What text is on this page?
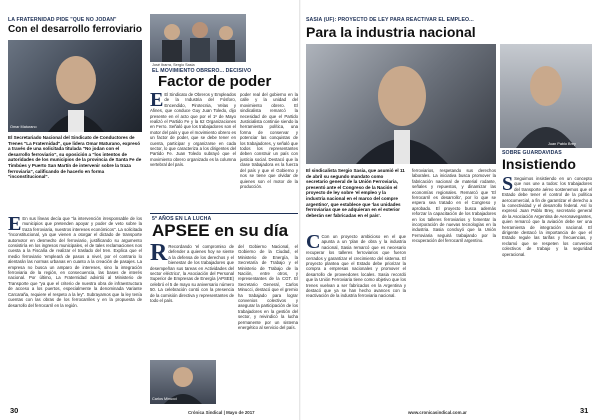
LA FRATERNIDAD PIDE "QUE NO JODAN"
Con el desarrollo ferroviario
Omar Maturano
El Secretariado Nacional del Sindicato de Conductores de Trenes "La Fraternidad", que lidera Omar Maturano, expresó a través de una solicitada titulada "No jodan con el desarrollo ferroviario", su oposición a "los intentos de autoridades de los municipios de la provincia de Santa Fe de Timbúes y Puerto San Martín de intervenir sobre la traza ferroviaria", calificando de hacerlo en forma "inconstitucional".
E En sus líneas decía que "la intervención irresponsable de los municipios que pretenden apoyar y poder de veto sobre la traza ferroviaria, nuestros intereses económicos". La solicitada "inconstitucional, ya que vienen a otorgar el dictado de transporte automotor en desmedro del ferroviario, justificando su argumento consistiría en los ingresos municipales, el de tales reclamaciones nos cuesta a la Fiscalía de realizar el traslado del tren. Explica que el medio ferroviario 'empleará de pasos a nivel, por el contrario lo alentarán las normas urbanas en cuanto a la creación de pasajes. La empresa no busca un amparo de intereses, sino la integración ferroviaria de la región, en consecuencia, las bases de interés nacional. Por último, La Fraternidad advirtió al Ministerio de Transporte que "ya que el criterio de nuestra obra de infraestructura de acceso a los puertos, especialmente la denominada Variante Carcaraña, requiere el respeto a la ley". Subrayamos que la ley tenía cuentas con las obras de los ferrocarriles y en la propuesta de desarrollo del ferrocarril en la región.
José Ibarra, Sergio Sasia
EL MOVIMIENTO OBRERO... DECISIVO
Factor de poder
E El Sindicato de Obreros y Empleados de la Industria del Fósforo, Encendido, Pirotecnia, Velas y Afines, que conduce Guy Juan Toledo, dijo presente en el acto que por el 1º de Mayo realizó el Partido Fe y la 62 Organizaciones en Ferro. Señaló que los trabajadores son el motor del país y que el movimiento obrero es un factor de poder, que se debe tener en cuenta, participar y organizarse en cada sector, lo que caracteriza a los dirigentes del Partido Fe. Juan Toledo subrayó que el movimiento obrero organizado es la columna vertebral del país.
poder real del gobierno en la calle y la unidad del movimiento obrero. El sindicalista remarcó la necesidad de que el Partido Justicialista continúe siendo la herramienta política, una forma de conservar y potenciar las conquistas de los trabajadores, y señaló que todos los representantes deben construir un país con justicia social. Destacó que la clase trabajadora es la fuerza del país y que el Gobierno y nos se tiene que olvidar de quienes son el motor de la producción.
5º AÑOS EN LA LUCHA
APSEE en su día
R Recordando 'el compromiso de defender a quienes hoy se siente a la defensa de los derechos y el bienestar de los trabajadores que desempeñan sus tareas en Actividades del sector eléctrico', la Asociación del Personal Superior de Empresas de Energía (APSEE) celebró el 5 de mayo su aniversario número 50. La celebración contó con la presencia de la comisión directiva y representantes de todo el país.
Carlos Minucci
del Gobierno Nacional, el Gobierno de la Ciudad, el Ministerio de Energía, la Secretaría de Trabajo y el Ministerio de Trabajo de la Nación, entre otros, y representantes de la CGT. El Secretario General, Carlos Minucci, destacó que el gremio ha trabajado para lograr convenios colectivos y asegurar la participación de los trabajadores en la gestión del sector, y reivindicó la lucha permanente por un sistema energético al servicio del país.
30	Crónica Sindical | Mayo de 2017
SASIA (UF): PROYECTO DE LEY PARA REACTIVAR EL EMPLEO...
Para la industria nacional
Juan Pablo Brey
El sindicalista Sergio Sasia, que asumió el 11 de abril su segundo mandato como secretario general de la Unión Ferroviaria, presentó ante el Congreso de la Nación el proyecto de ley sobre 'el empleo y la industria nacional en el marco del compre argentino', que establece que 'las unidades ferroviarias que se adquieran en el exterior deberán ser fabricadas en el país'.
C Con un proyecto ambicioso en el que apunta a un 'plan de obra y la industria nacional, Sasia remarcó que es necesario recuperar los talleres ferroviarios que fueron cerrados y garantizar el crecimiento del sistema. El proyecto plantea que el Estado debe priorizar la compra a empresas nacionales y promover el desarrollo de proveedores locales. Sasia recordó que la Unión Ferroviaria tiene como objetivo que los trenes vuelvan a ser fabricados en la Argentina y destacó que ya se han hecho avances con la reactivación de la industria ferroviaria nacional.
ferroviarios, respetando sus derechos laborales. La iniciativa busca promover la fabricación nacional de material rodante, señales y repuestos, y dinamizar las economías regionales. Remarcó que 'El ferrocarril es desarrollo', por lo que se espera sea tratado en el Congreso y aprobado. El proyecto busca además reforzar la capacitación de los trabajadores en los talleres ferroviarios y fomentar la incorporación de nuevas tecnologías en la industria. Sasia concluyó que la Unión Ferroviaria seguirá trabajando por la recuperación del ferrocarril argentino.
SOBRE GUARDAVIDAS
Insistiendo
S Seguimos insistiendo en un concepto que nos une a todos: los trabajadores del transporte aéreo sostenemos que el Estado debe tener el control de la política aerocomercial, a fin de garantizar el derecho a la conectividad y el desarrollo federal. Así lo expresó Juan Pablo Brey, secretario general de la Asociación Argentina de Aeronavegantes, quien remarcó que la aviación debe ser una herramienta de integración nacional. El dirigente destacó la importancia de que el Estado regule las tarifas y frecuencias, y reclamó que se respeten los convenios colectivos de trabajo y la seguridad operacional.
www.cronicasindical.com.ar	31
